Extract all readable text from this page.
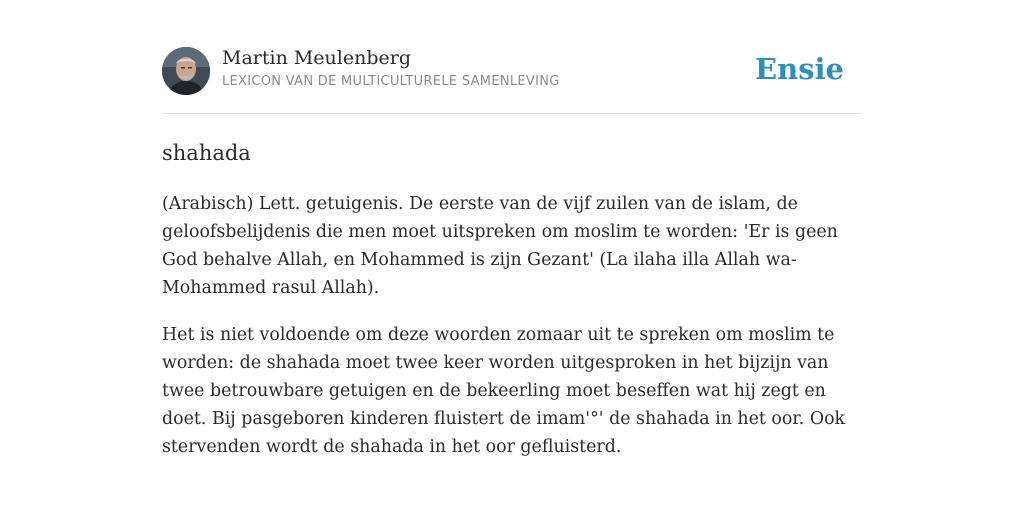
Martin Meulenberg
LEXICON VAN DE MULTICULTURELE SAMENLEVING	Ensie
shahada

(Arabisch) Lett. getuigenis. De eerste van de vijf zuilen van de islam, de geloofsbelijdenis die men moet uitspreken om moslim te worden: 'Er is geen God behalve Allah, en Mohammed is zijn Gezant' (La ilaha illa Allah wa-Mohammed rasul Allah).

Het is niet voldoende om deze woorden zomaar uit te spreken om moslim te worden: de shahada moet twee keer worden uitgesproken in het bijzijn van twee betrouwbare getuigen en de bekeerling moet beseffen wat hij zegt en doet. Bij pasgeboren kinderen fluistert de imam'°' de shahada in het oor. Ook stervenden wordt de shahada in het oor gefluisterd.
